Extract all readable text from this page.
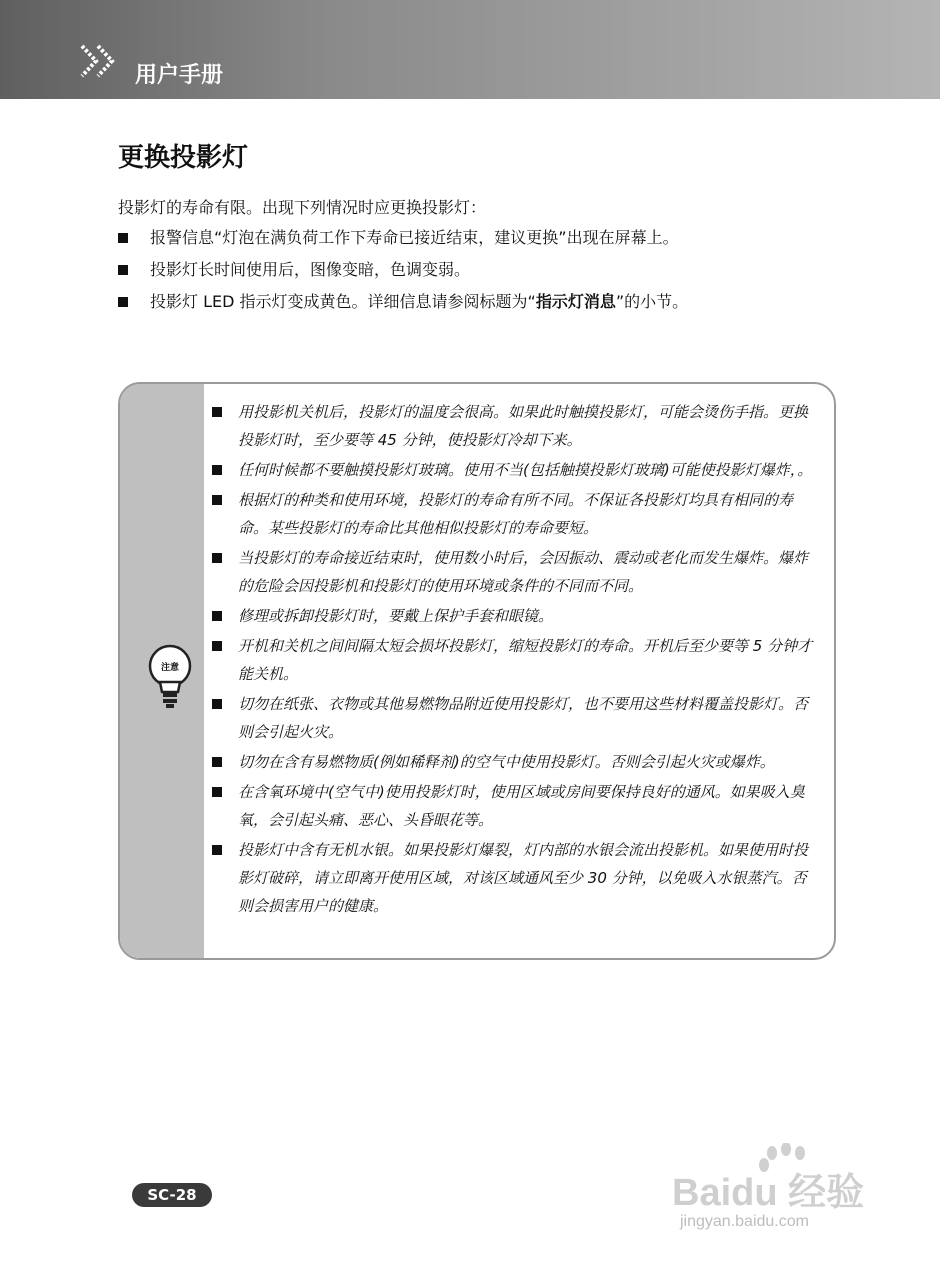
用户手册
更换投影灯
投影灯的寿命有限。出现下列情况时应更换投影灯：
报警信息“灯泡在满负荷工作下寿命已接近结束，建议更换”出现在屏幕上。
投影灯长时间使用后，图像变暗，色调变弱。
投影灯 LED 指示灯变成黄色。详细信息请参阅标题为“指示灯消息”的小节。
注意
用投影机关机后，投影灯的温度会很高。如果此时触摸投影灯，可能会烫伤手指。更换投影灯时，至少要等 45 分钟，使投影灯冷却下来。
任何时候都不要触摸投影灯玻璃。使用不当(包括触摸投影灯玻璃)可能使投影灯爆炸，。
根据灯的种类和使用环境，投影灯的寿命有所不同。不保证各投影灯均具有相同的寿命。某些投影灯的寿命比其他相似投影灯的寿命要短。
当投影灯的寿命接近结束时，使用数小时后，会因振动、震动或老化而发生爆炸。爆炸的危险会因投影机和投影灯的使用环境或条件的不同而不同。
修理或拆卸投影灯时，要戴上保护手套和眼镜。
开机和关机之间间隔太短会损坏投影灯，缩短投影灯的寿命。开机后至少要等 5 分钟才能关机。
切勿在纸张、衣物或其他易燃物品附近使用投影灯，也不要用这些材料覆盖投影灯。否则会引起火灾。
切勿在含有易燃物质(例如稀释剂)的空气中使用投影灯。否则会引起火灾或爆炸。
在含氧环境中(空气中)使用投影灯时，使用区域或房间要保持良好的通风。如果吸入臭氧，会引起头痛、恶心、头昏眼花等。
投影灯中含有无机水银。如果投影灯爆裂，灯内部的水银会流出投影机。如果使用时投影灯破碎，请立即离开使用区域，对该区域通风至少 30 分钟，以免吸入水银蒸汽。否则会损害用户的健康。
SC-28	Baidu 经验
jingyan.baidu.com
